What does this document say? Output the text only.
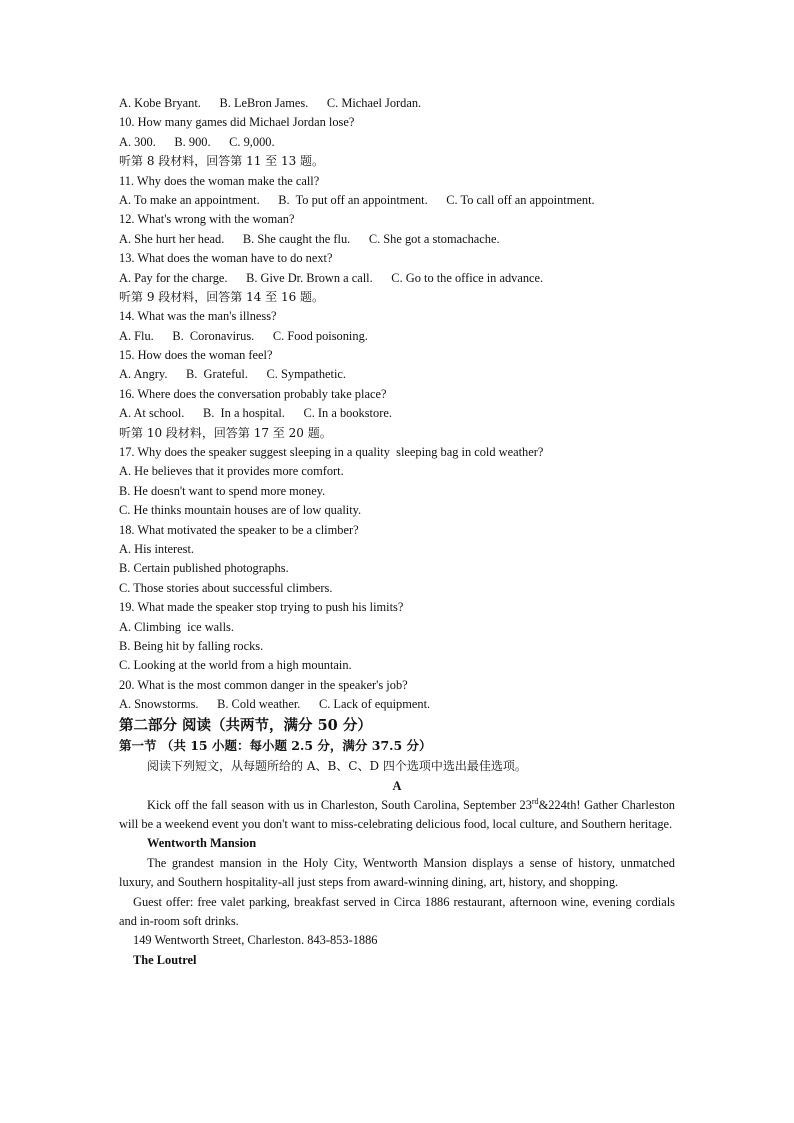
A. Kobe Bryant.      B. LeBron James.      C. Michael Jordan.
10. How many games did Michael Jordan lose?
A. 300.      B. 900.      C. 9,000.
听第 8 段材料，回答第 11 至 13 题。
11. Why does the woman make the call?
A. To make an appointment.      B.  To put off an appointment.      C. To call off an appointment.
12. What's wrong with the woman?
A. She hurt her head.      B. She caught the flu.      C. She got a stomachache.
13. What does the woman have to do next?
A. Pay for the charge.      B. Give Dr. Brown a call.      C. Go to the office in advance.
听第 9 段材料，回答第 14 至 16 题。
14. What was the man's illness?
A. Flu.      B.  Coronavirus.      C. Food poisoning.
15. How does the woman feel?
A. Angry.      B.  Grateful.      C. Sympathetic.
16. Where does the conversation probably take place?
A. At school.      B.  In a hospital.      C. In a bookstore.
听第 10 段材料，回答第 17 至 20 题。
17. Why does the speaker suggest sleeping in a quality  sleeping bag in cold weather?
A. He believes that it provides more comfort.
B. He doesn't want to spend more money.
C. He thinks mountain houses are of low quality.
18. What motivated the speaker to be a climber?
A. His interest.
B. Certain published photographs.
C. Those stories about successful climbers.
19. What made the speaker stop trying to push his limits?
A. Climbing  ice walls.
B. Being hit by falling rocks.
C. Looking at the world from a high mountain.
20. What is the most common danger in the speaker's job?
A. Snowstorms.      B. Cold weather.      C. Lack of equipment.
第二部分 阅读（共两节，满分 50 分）
第一节 （共 15 小题：每小题 2.5 分，满分 37.5 分）
阅读下列短文，从每题所给的 A、B、C、D 四个选项中选出最佳选项。
A
Kick off the fall season with us in Charleston, South Carolina, September 23rd&224th! Gather Charleston will be a weekend event you don't want to miss-celebrating delicious food, local culture, and Southern heritage.
Wentworth Mansion
The grandest mansion in the Holy City, Wentworth Mansion displays a sense of history, unmatched luxury, and Southern hospitality-all just steps from award-winning dining, art, history, and shopping.
Guest offer: free valet parking, breakfast served in Circa 1886 restaurant, afternoon wine, evening cordials and in-room soft drinks.
149 Wentworth Street, Charleston. 843-853-1886
The Loutrel
